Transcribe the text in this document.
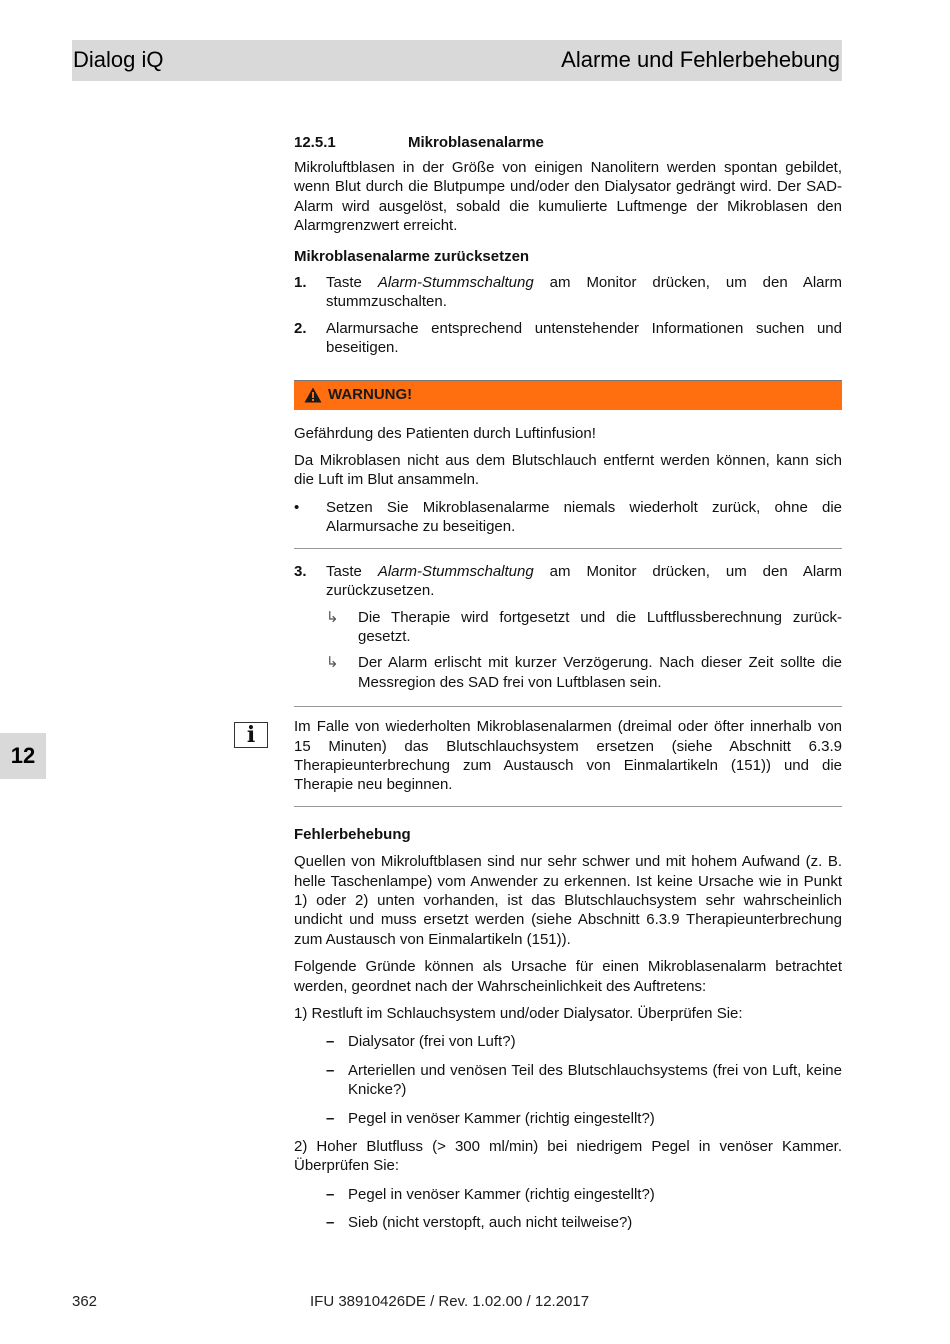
Dialog iQ	Alarme und Fehlerbehebung
12
i
12.5.1	Mikroblasenalarme

Mikroluftblasen in der Größe von einigen Nanolitern werden spontan gebildet, wenn Blut durch die Blutpumpe und/oder den Dialysator gedrängt wird. Der SAD-Alarm wird ausgelöst, sobald die kumulierte Luftmenge der Mikroblasen den Alarmgrenzwert erreicht.

Mikroblasenalarme zurücksetzen

1.	Taste Alarm-Stummschaltung am Monitor drücken, um den Alarm stummzuschalten.
2.	Alarmursache entsprechend untenstehender Informationen suchen und beseitigen.
WARNUNG!

Gefährdung des Patienten durch Luftinfusion!

Da Mikroblasen nicht aus dem Blutschlauch entfernt werden können, kann sich die Luft im Blut ansammeln.

•	Setzen Sie Mikroblasenalarme niemals wiederholt zurück, ohne die Alarmursache zu beseitigen.
3.	Taste Alarm-Stummschaltung am Monitor drücken, um den Alarm zurückzusetzen.
↳	Die Therapie wird fortgesetzt und die Luftflussberechnung zurück-gesetzt.
↳	Der Alarm erlischt mit kurzer Verzögerung. Nach dieser Zeit sollte die Messregion des SAD frei von Luftblasen sein.

Im Falle von wiederholten Mikroblasenalarmen (dreimal oder öfter innerhalb von 15 Minuten) das Blutschlauchsystem ersetzen (siehe Abschnitt 6.3.9 Therapieunterbrechung zum Austausch von Einmalartikeln (151)) und die Therapie neu beginnen.

Fehlerbehebung

Quellen von Mikroluftblasen sind nur sehr schwer und mit hohem Aufwand (z. B. helle Taschenlampe) vom Anwender zu erkennen. Ist keine Ursache wie in Punkt 1) oder 2) unten vorhanden, ist das Blutschlauchsystem sehr wahrscheinlich undicht und muss ersetzt werden (siehe Abschnitt 6.3.9 Therapieunterbrechung zum Austausch von Einmalartikeln (151)).

Folgende Gründe können als Ursache für einen Mikroblasenalarm betrachtet werden, geordnet nach der Wahrscheinlichkeit des Auftretens:

1) Restluft im Schlauchsystem und/oder Dialysator. Überprüfen Sie:

– Dialysator (frei von Luft?)
– Arteriellen und venösen Teil des Blutschlauchsystems (frei von Luft, keine Knicke?)
– Pegel in venöser Kammer (richtig eingestellt?)

2) Hoher Blutfluss (> 300 ml/min) bei niedrigem Pegel in venöser Kammer. Überprüfen Sie:

– Pegel in venöser Kammer (richtig eingestellt?)
– Sieb (nicht verstopft, auch nicht teilweise?)
362	IFU 38910426DE / Rev. 1.02.00 / 12.2017
